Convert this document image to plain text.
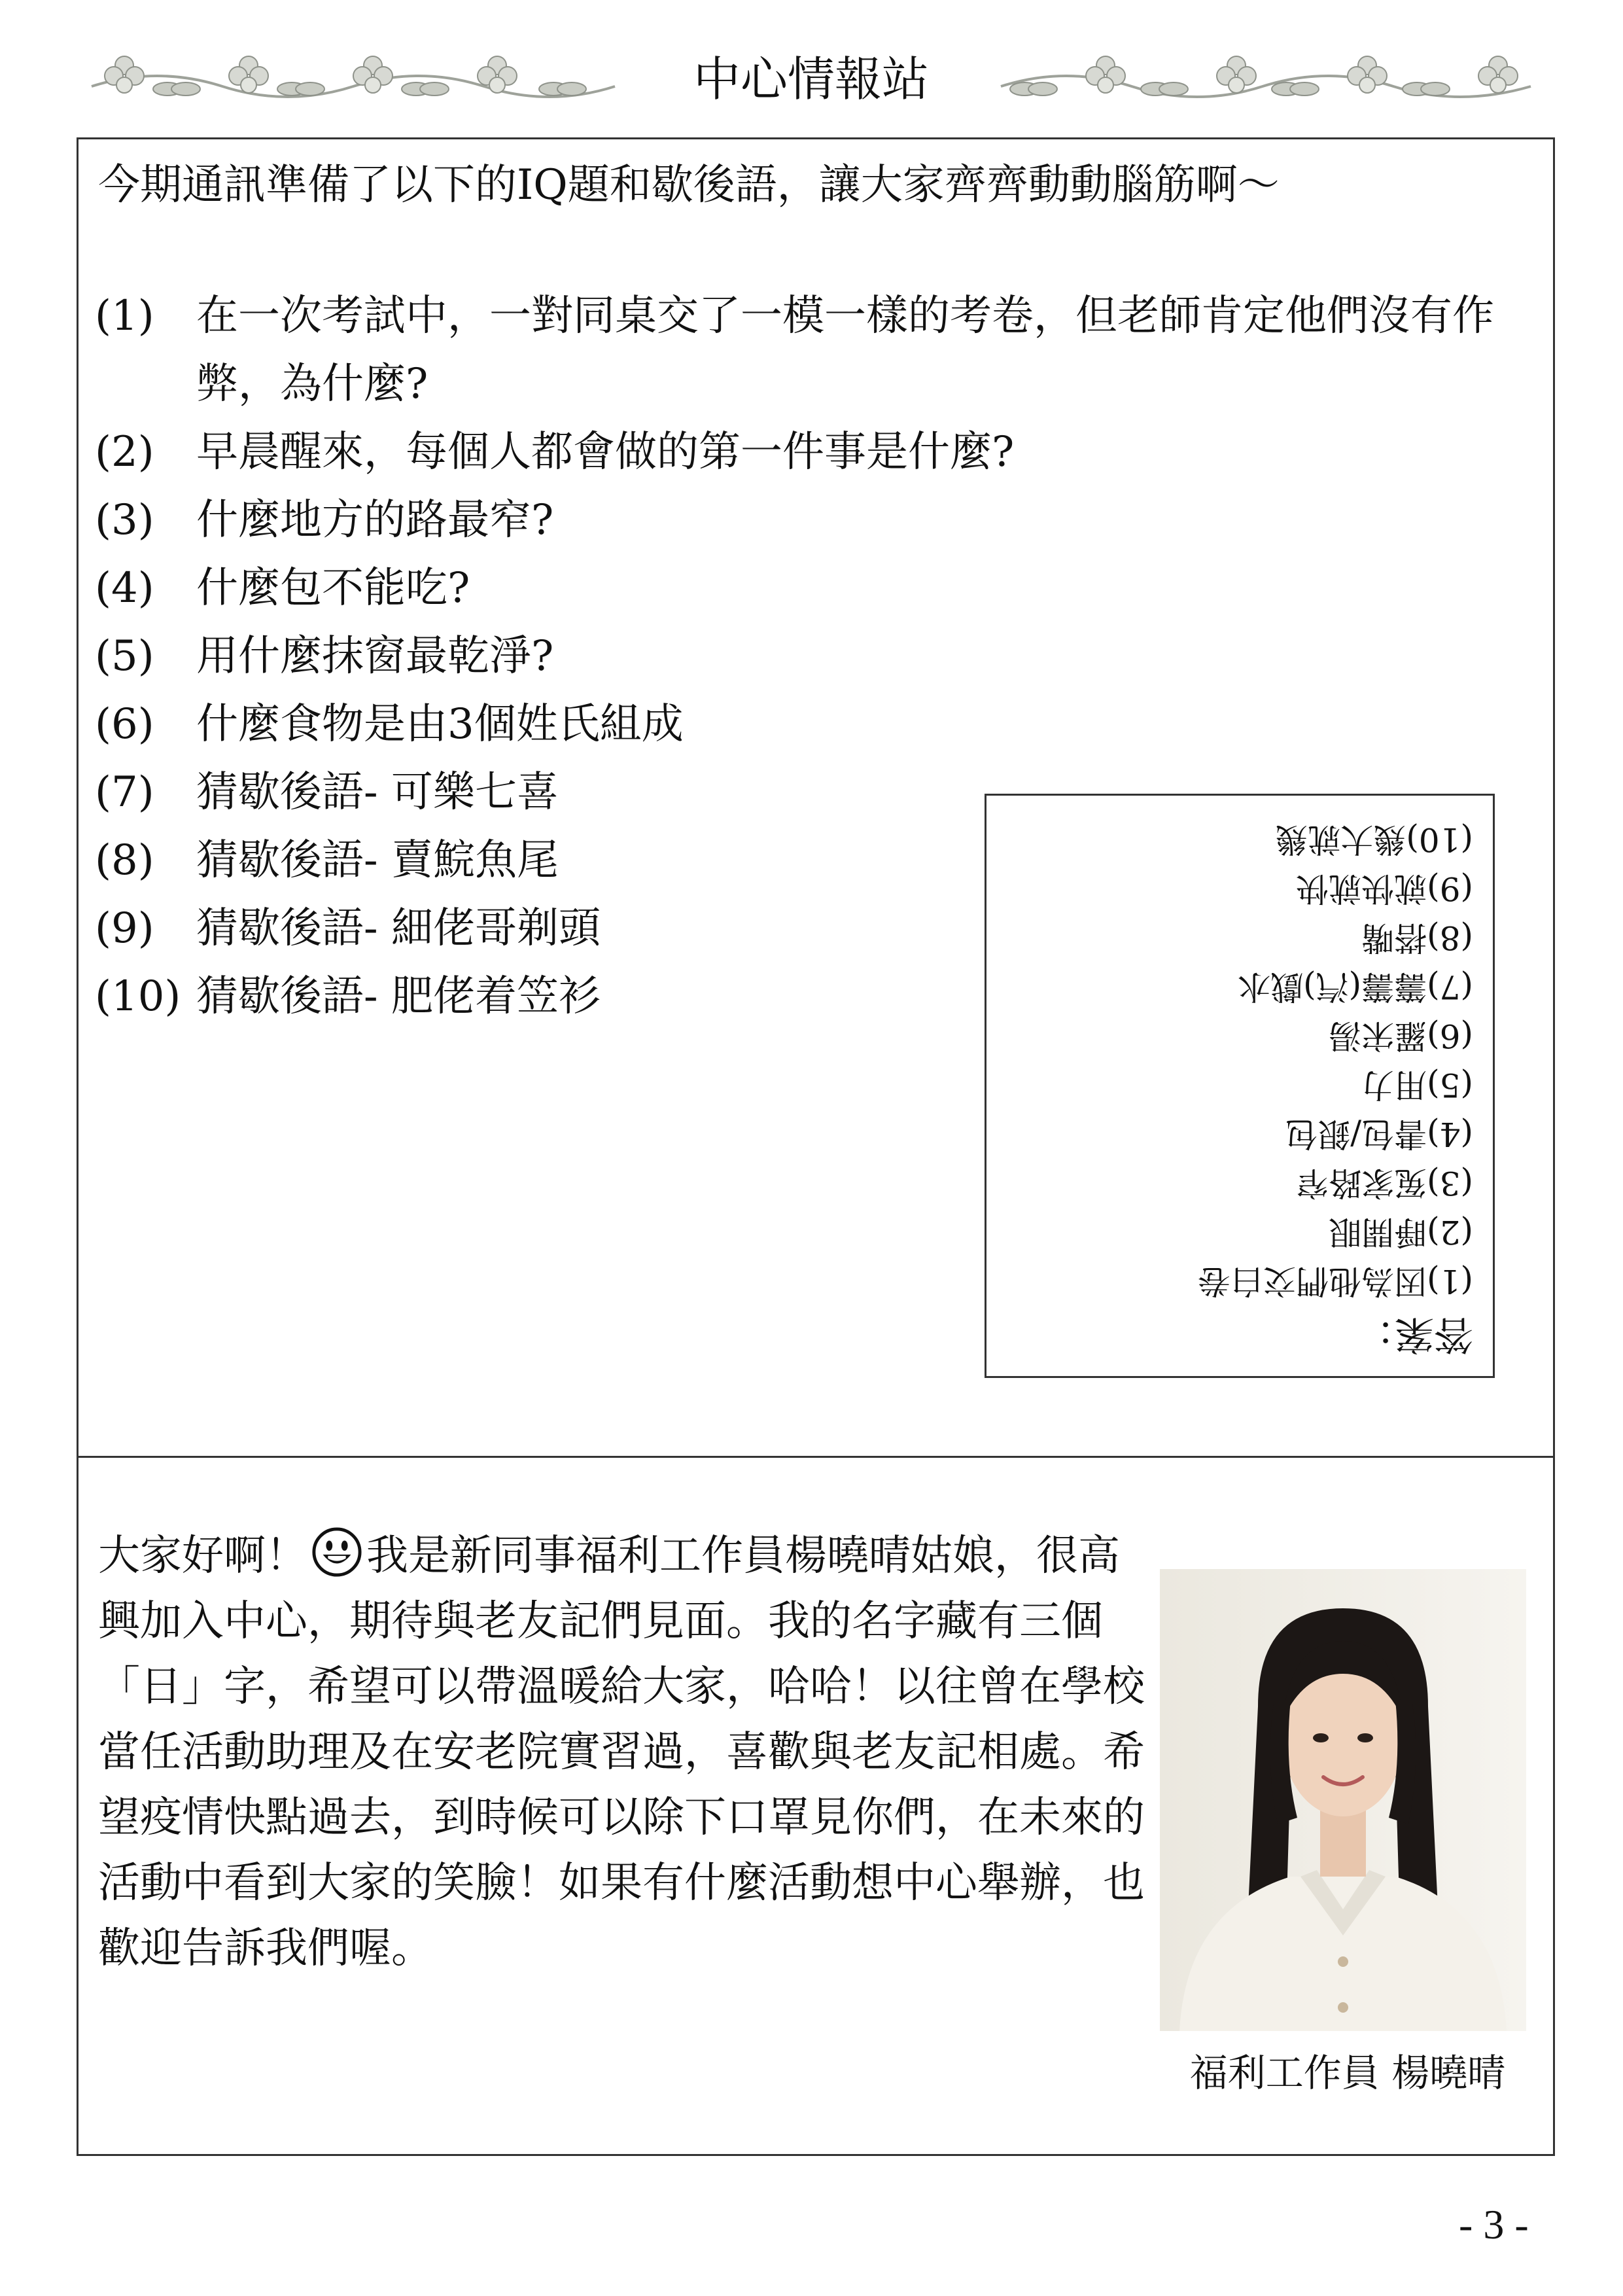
中心情報站
今期通訊準備了以下的IQ題和歇後語，讓大家齊齊動動腦筋啊～
(1)	在一次考試中，一對同桌交了一模一樣的考卷，但老師肯定他們沒有作弊，為什麼?
(2)	早晨醒來，每個人都會做的第一件事是什麼?
(3)	什麼地方的路最窄?
(4)	什麼包不能吃?
(5)	用什麼抹窗最乾淨?
(6)	什麼食物是由3個姓氏組成
(7)	猜歇後語- 可樂七喜
(8)	猜歇後語- 賣鯇魚尾
(9)	猜歇後語- 細佬哥剃頭
(10) 猜歇後語- 肥佬着笠衫
答案：
(1)因為他們交白卷
(2)睜開眼
(3)冤家路窄
(4)書包/銀包
(5)用力
(6)羅宋湯
(7)籌籌(汽)戲水
(8)搭嘴
(9)就快就快
(10)幾大就幾
大家好啊！ 我是新同事福利工作員楊曉晴姑娘，很高興加入中心，期待與老友記們見面。我的名字藏有三個「日」字，希望可以帶溫暖給大家，哈哈！以往曾在學校當任活動助理及在安老院實習過，喜歡與老友記相處。希望疫情快點過去，到時候可以除下口罩見你們，在未來的活動中看到大家的笑臉！如果有什麼活動想中心舉辦，也歡迎告訴我們喔。
福利工作員 楊曉晴
- 3 -
